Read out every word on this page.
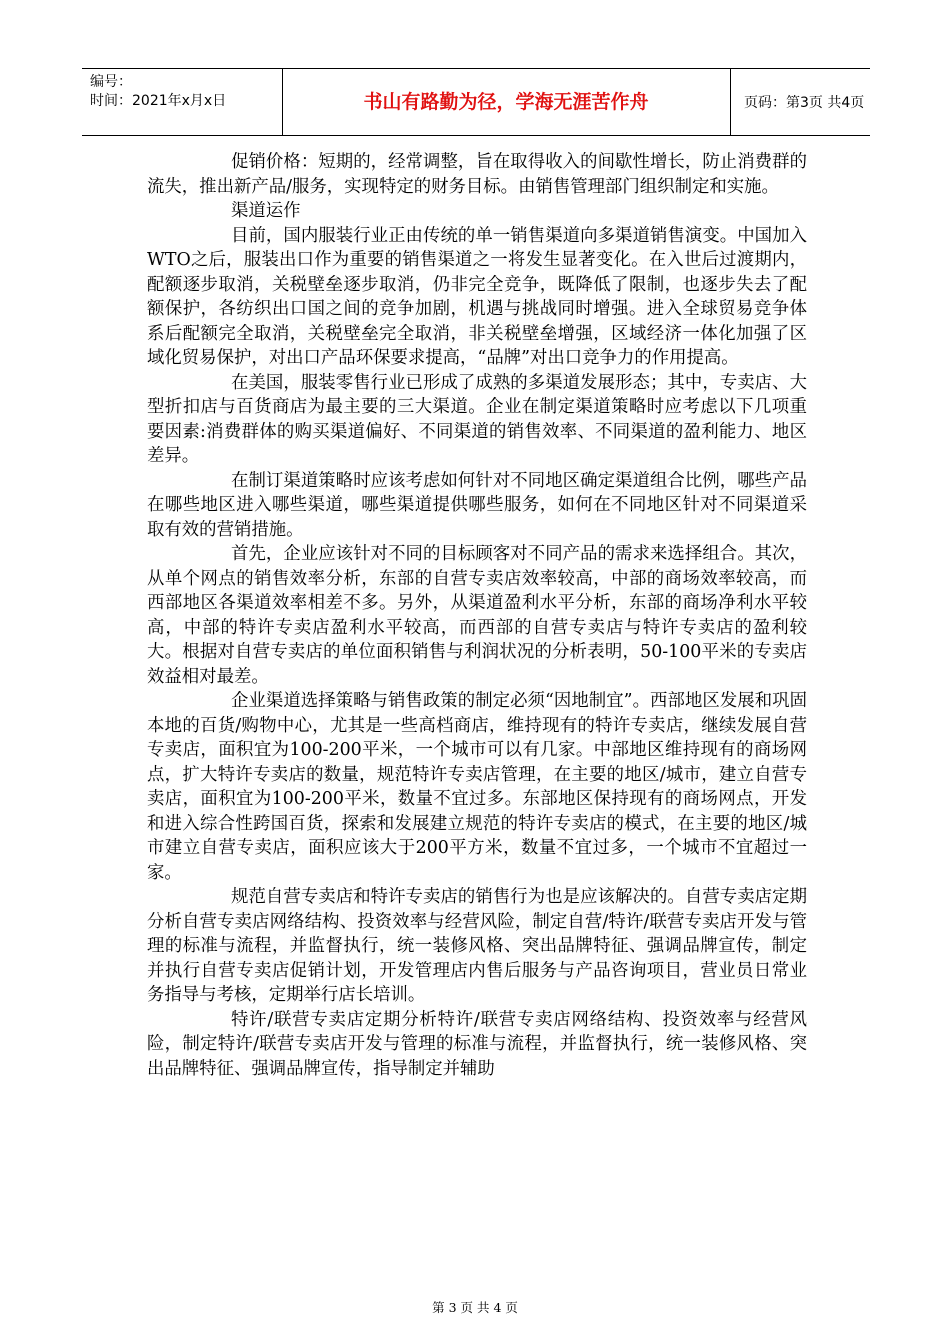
编号：
时间：2021年x月x日	书山有路勤为径，学海无涯苦作舟	页码：第3页 共4页

促销价格：短期的，经常调整，旨在取得收入的间歇性增长，防止消费群的流失，推出新产品/服务，实现特定的财务目标。由销售管理部门组织制定和实施。

渠道运作

目前，国内服装行业正由传统的单一销售渠道向多渠道销售演变。中国加入WTO之后，服装出口作为重要的销售渠道之一将发生显著变化。在入世后过渡期内，配额逐步取消，关税壁垒逐步取消，仍非完全竞争，既降低了限制，也逐步失去了配额保护，各纺织出口国之间的竞争加剧，机遇与挑战同时增强。进入全球贸易竞争体系后配额完全取消，关税壁垒完全取消，非关税壁垒增强，区域经济一体化加强了区域化贸易保护，对出口产品环保要求提高，“品牌”对出口竞争力的作用提高。

在美国，服装零售行业已形成了成熟的多渠道发展形态；其中，专卖店、大型折扣店与百货商店为最主要的三大渠道。企业在制定渠道策略时应考虑以下几项重要因素:消费群体的购买渠道偏好、不同渠道的销售效率、不同渠道的盈利能力、地区差异。

在制订渠道策略时应该考虑如何针对不同地区确定渠道组合比例，哪些产品在哪些地区进入哪些渠道，哪些渠道提供哪些服务，如何在不同地区针对不同渠道采取有效的营销措施。

首先，企业应该针对不同的目标顾客对不同产品的需求来选择组合。其次，从单个网点的销售效率分析，东部的自营专卖店效率较高，中部的商场效率较高，而西部地区各渠道效率相差不多。另外，从渠道盈利水平分析，东部的商场净利水平较高，中部的特许专卖店盈利水平较高，而西部的自营专卖店与特许专卖店的盈利较大。根据对自营专卖店的单位面积销售与利润状况的分析表明，50-100平米的专卖店效益相对最差。

企业渠道选择策略与销售政策的制定必须“因地制宜”。西部地区发展和巩固本地的百货/购物中心，尤其是一些高档商店，维持现有的特许专卖店，继续发展自营专卖店，面积宜为100-200平米，一个城市可以有几家。中部地区维持现有的商场网点，扩大特许专卖店的数量，规范特许专卖店管理，在主要的地区/城市，建立自营专卖店，面积宜为100-200平米，数量不宜过多。东部地区保持现有的商场网点，开发和进入综合性跨国百货，探索和发展建立规范的特许专卖店的模式，在主要的地区/城市建立自营专卖店，面积应该大于200平方米，数量不宜过多，一个城市不宜超过一家。

规范自营专卖店和特许专卖店的销售行为也是应该解决的。自营专卖店定期分析自营专卖店网络结构、投资效率与经营风险，制定自营/特许/联营专卖店开发与管理的标准与流程，并监督执行，统一装修风格、突出品牌特征、强调品牌宣传，制定并执行自营专卖店促销计划，开发管理店内售后服务与产品咨询项目，营业员日常业务指导与考核，定期举行店长培训。

特许/联营专卖店定期分析特许/联营专卖店网络结构、投资效率与经营风险，制定特许/联营专卖店开发与管理的标准与流程，并监督执行，统一装修风格、突出品牌特征、强调品牌宣传，指导制定并辅助

第 3 页 共 4 页
